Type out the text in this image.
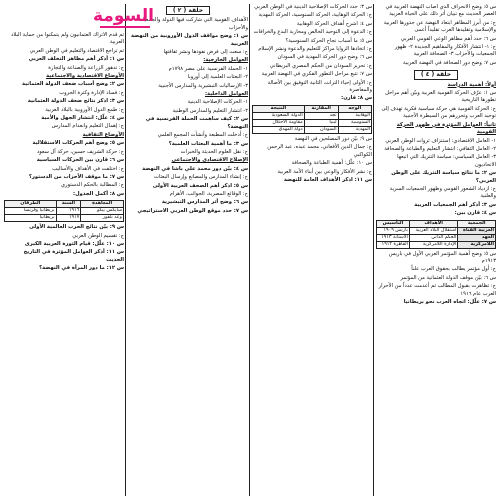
س ٥: وضح الانحراف الذي أصاب النهضة العربية في العصر الحديث مع تبيان أثر ذلك على الحياة العربية

ج: من أبرز المظاهر ابتعاد النهضة عن جذورها العربية والإسلامية وتقليدها الغرب تقليداً أعمى

س ٦: حدد أهم مظاهر الوعي القومي العربي

ج: ١- انتشار الأفكار والمفاهيم الجديدة ٢- ظهور الجمعيات والأحزاب ٣- الصحافة العربية

س ٧: وضح دور الصحافة في النهضة العربية

حلقة ( ٤ )

أولاً: أهمية الدراسة

س ١: عرّف الحركة القومية العربية وبيّن أهم مراحل تطورها التاريخية

ج: الحركة القومية هي حركة سياسية فكرية تهدف إلى توحيد العرب وتحررهم من السيطرة الأجنبية

ثانياً: العوامل المؤثرة في ظهور الحركة القومية

١- العامل الاقتصادي: استنزاف ثروات الوطن العربي

٢- العامل الثقافي: انتشار التعليم والطباعة والصحافة

٣- العامل السياسي: سياسة التتريك التي اتبعها الاتحاديون

س ٢: ما نتائج سياسة التتريك على الوطن العربي؟

ج: ازدياد الشعور القومي وظهور الجمعيات السرية والعلنية

س ٣: أذكر أهم الجمعيات العربية

س ٤: قارن بين:

الجمعية	الأهداف	التأسيس
العربية الفتاة	استقلال البلاد العربية	باريس ١٩٠٩
العهد	الحكم الذاتي	الآستانة ١٩١٣
اللامركزية	الإدارة اللامركزية	القاهرة ١٩١٢

س ٥: وضح أهمية المؤتمر العربي الأول في باريس ١٩١٣م

ج: أول مؤتمر يطالب بحقوق العرب علناً

س ٦: بيّن موقف الدولة العثمانية من المؤتمر

ج: تظاهرت بقبول المطالب ثم أعدمت عدداً من الأحرار العرب عام ١٩١٦

س ٧: علّل: اتجاه العرب نحو بريطانيا

س ٣: حدد الحركات الإصلاحية الدينية في الوطن العربي

ج: الحركة الوهابية، الحركة السنوسية، الحركة المهدية

س ٤: اشرح أهداف الحركة الوهابية

ج: الدعوة إلى التوحيد الخالص ومحاربة البدع والخرافات

س ٥: ما أسباب نجاح الحركة السنوسية؟

ج: اتخاذها الزوايا مراكز للتعليم والدعوة ونشر الإسلام

س ٦: وضح دور الحركة المهدية في السودان

ج: تحرير السودان من الحكم المصري البريطاني

س ٧: تتبع مراحل التطور الفكري في النهضة العربية

ج: الأولى إحياء التراث، الثانية التوفيق بين الأصالة والمعاصرة

س ٨: قارن:

الوجه	المقارنة	النتيجة
الوهابية	نجد	الدولة السعودية
السنوسية	ليبيا	مقاومة الاحتلال
المهدية	السودان	دولة المهدي

س ٩: بيّن دور المصلحين في النهضة

ج: جمال الدين الأفغاني، محمد عبده، عبد الرحمن الكواكبي

س ١٠: علّل: أهمية الطباعة والصحافة

ج: نشر الأفكار والوعي بين أبناء الأمة العربية

س ١١: اذكر الأهداف العامة للنهضة

حلقة ( ٢ )

الأهداف القومية التي شاركت فيها الدولة والجمعيات والأحزاب

س ١: وضح مواقف الدول الأوروبية من النهضة العربية

ج: سعت إلى فرض نفوذها ونشر ثقافتها

العوامل الخارجية:

١- الحملة الفرنسية على مصر ١٧٩٨م

٢- البعثات العلمية إلى أوروبا

٣- الإرساليات التبشيرية والمدارس الأجنبية

العوامل الداخلية:

١- الحركات الإصلاحية الدينية

٢- انتشار التعليم والمدارس الوطنية

س ٢: كيف ساهمت الحملة الفرنسية في النهضة؟

ج: أدخلت المطبعة وأنشأت المجمع العلمي

س ٣: ما أهمية البعثات العلمية؟

ج: نقل العلوم الحديثة والخبرات

الإصلاح الاقتصادي والاجتماعي

س ٤: بيّن دور محمد علي باشا في النهضة

ج: إنشاء المدارس والمصانع وإرسال البعثات

س ٥: اذكر أهم الصحف العربية الأولى

ج: الوقائع المصرية، الجوائب، الأهرام

س ٦: وضح أثر المدارس التبشيرية

س ٧: حدد موقع الوطن العربي الاستراتيجي

ثم قدم الأتراك العثمانيون ولم يتمكنوا من حماية البلاد العربية

ثم تراجع الاقتصاد والتعليم في الوطن العربي

س ١: أذكر أهم مظاهر التخلف العربي

ج: تدهور الزراعة والصناعة والتجارة

الأوضاع الاقتصادية والاجتماعية

س ٢: وضح أسباب ضعف الدولة العثمانية

ج: فساد الإدارة وكثرة الحروب

س ٣: اذكر نتائج ضعف الدولة العثمانية

ج: طمع الدول الأوروبية بالبلاد العربية

س ٤: علّل: انتشار الجهل والأمية

ج: إهمال التعليم وانعدام المدارس

الأوضاع الثقافية

س ٥: وضح أهم الحركات الاستقلالية

ج: حركة الشريف حسين، حركة آل سعود

س ٦: قارن بين الحركات السياسية

ج: اختلفت في الأهداف والأساليب

س ٧: ما موقف الأحزاب من الدستور؟

ج: المطالبة بالحكم الدستوري

س ٨: أكمل الجدول:

المعاهدة	السنة	الطرفان
سايكس بيكو	١٩١٦	بريطانيا وفرنسا
وعد بلفور	١٩١٧	بريطانيا

س ٩: بيّن نتائج الحرب العالمية الأولى

ج: تقسيم الوطن العربي

س ١٠: علّل: قيام الثورة العربية الكبرى

س ١١: أذكر العوامل المؤثرة في التاريخ الحديث

س ١٢: ما دور المرأة في النهضة؟

السومة
